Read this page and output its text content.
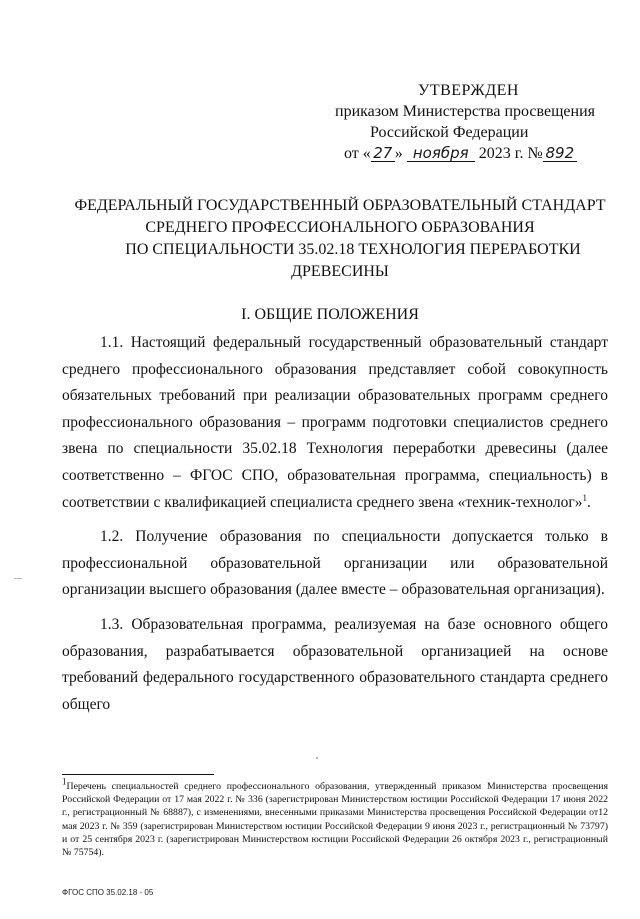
УТВЕРЖДЕН
приказом Министерства просвещения
Российской Федерации
от « 27 » ноября 2023 г. № 892
ФЕДЕРАЛЬНЫЙ ГОСУДАРСТВЕННЫЙ ОБРАЗОВАТЕЛЬНЫЙ СТАНДАРТ
СРЕДНЕГО ПРОФЕССИОНАЛЬНОГО ОБРАЗОВАНИЯ
ПО СПЕЦИАЛЬНОСТИ 35.02.18 ТЕХНОЛОГИЯ ПЕРЕРАБОТКИ
ДРЕВЕСИНЫ
I. ОБЩИЕ ПОЛОЖЕНИЯ

1.1. Настоящий федеральный государственный образовательный стандарт среднего профессионального образования представляет собой совокупность обязательных требований при реализации образовательных программ среднего профессионального образования – программ подготовки специалистов среднего звена по специальности 35.02.18 Технология переработки древесины (далее соответственно – ФГОС СПО, образовательная программа, специальность) в соответствии с квалификацией специалиста среднего звена «техник-технолог»$^1$.

1.2. Получение образования по специальности допускается только в профессиональной образовательной организации или образовательной организации высшего образования (далее вместе – образовательная организация).

1.3. Образовательная программа, реализуемая на базе основного общего образования, разрабатывается образовательной организацией на основе требований федерального государственного образовательного стандарта среднего общего

$^1$Перечень специальностей среднего профессионального образования, утвержденный приказом Министерства просвещения Российской Федерации от 17 мая 2022 г. № 336 (зарегистрирован Министерством юстиции Российской Федерации 17 июня 2022 г., регистрационный № 68887), с изменениями, внесенными приказами Министерства просвещения Российской Федерации от12 мая 2023 г. № 359 (зарегистрирован Министерством юстиции Российской Федерации 9 июня 2023 г., регистрационный № 73797) и от 25 сентября 2023 г. (зарегистрирован Министерством юстиции Российской Федерации 26 октября 2023 г., регистрационный № 75754).
ФГОС СПО 35.02.18 - 05
